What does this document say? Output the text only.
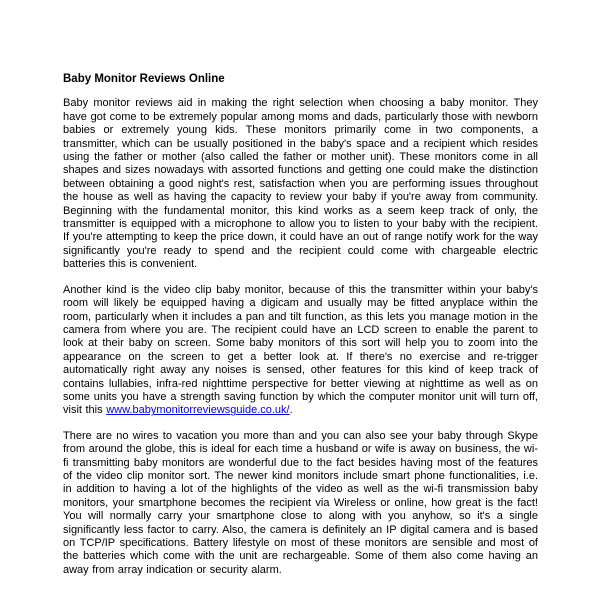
Baby Monitor Reviews Online

Baby monitor reviews aid in making the right selection when choosing a baby monitor. They have got come to be extremely popular among moms and dads, particularly those with newborn babies or extremely young kids. These monitors primarily come in two components, a transmitter, which can be usually positioned in the baby's space and a recipient which resides using the father or mother (also called the father or mother unit). These monitors come in all shapes and sizes nowadays with assorted functions and getting one could make the distinction between obtaining a good night's rest, satisfaction when you are performing issues throughout the house as well as having the capacity to review your baby if you're away from community. Beginning with the fundamental monitor, this kind works as a seem keep track of only, the transmitter is equipped with a microphone to allow you to listen to your baby with the recipient. If you're attempting to keep the price down, it could have an out of range notify work for the way significantly you're ready to spend and the recipient could come with chargeable electric batteries this is convenient.

Another kind is the video clip baby monitor, because of this the transmitter within your baby's room will likely be equipped having a digicam and usually may be fitted anyplace within the room, particularly when it includes a pan and tilt function, as this lets you manage motion in the camera from where you are. The recipient could have an LCD screen to enable the parent to look at their baby on screen. Some baby monitors of this sort will help you to zoom into the appearance on the screen to get a better look at. If there's no exercise and re-trigger automatically right away any noises is sensed, other features for this kind of keep track of contains lullabies, infra-red nighttime perspective for better viewing at nighttime as well as on some units you have a strength saving function by which the computer monitor unit will turn off, visit this www.babymonitorreviewsguide.co.uk/.

There are no wires to vacation you more than and you can also see your baby through Skype from around the globe, this is ideal for each time a husband or wife is away on business, the wi-fi transmitting baby monitors are wonderful due to the fact besides having most of the features of the video clip monitor sort. The newer kind monitors include smart phone functionalities, i.e. in addition to having a lot of the highlights of the video as well as the wi-fi transmission baby monitors, your smartphone becomes the recipient via Wireless or online, how great is the fact! You will normally carry your smartphone close to along with you anyhow, so it's a single significantly less factor to carry. Also, the camera is definitely an IP digital camera and is based on TCP/IP specifications. Battery lifestyle on most of these monitors are sensible and most of the batteries which come with the unit are rechargeable. Some of them also come having an away from array indication or security alarm.
